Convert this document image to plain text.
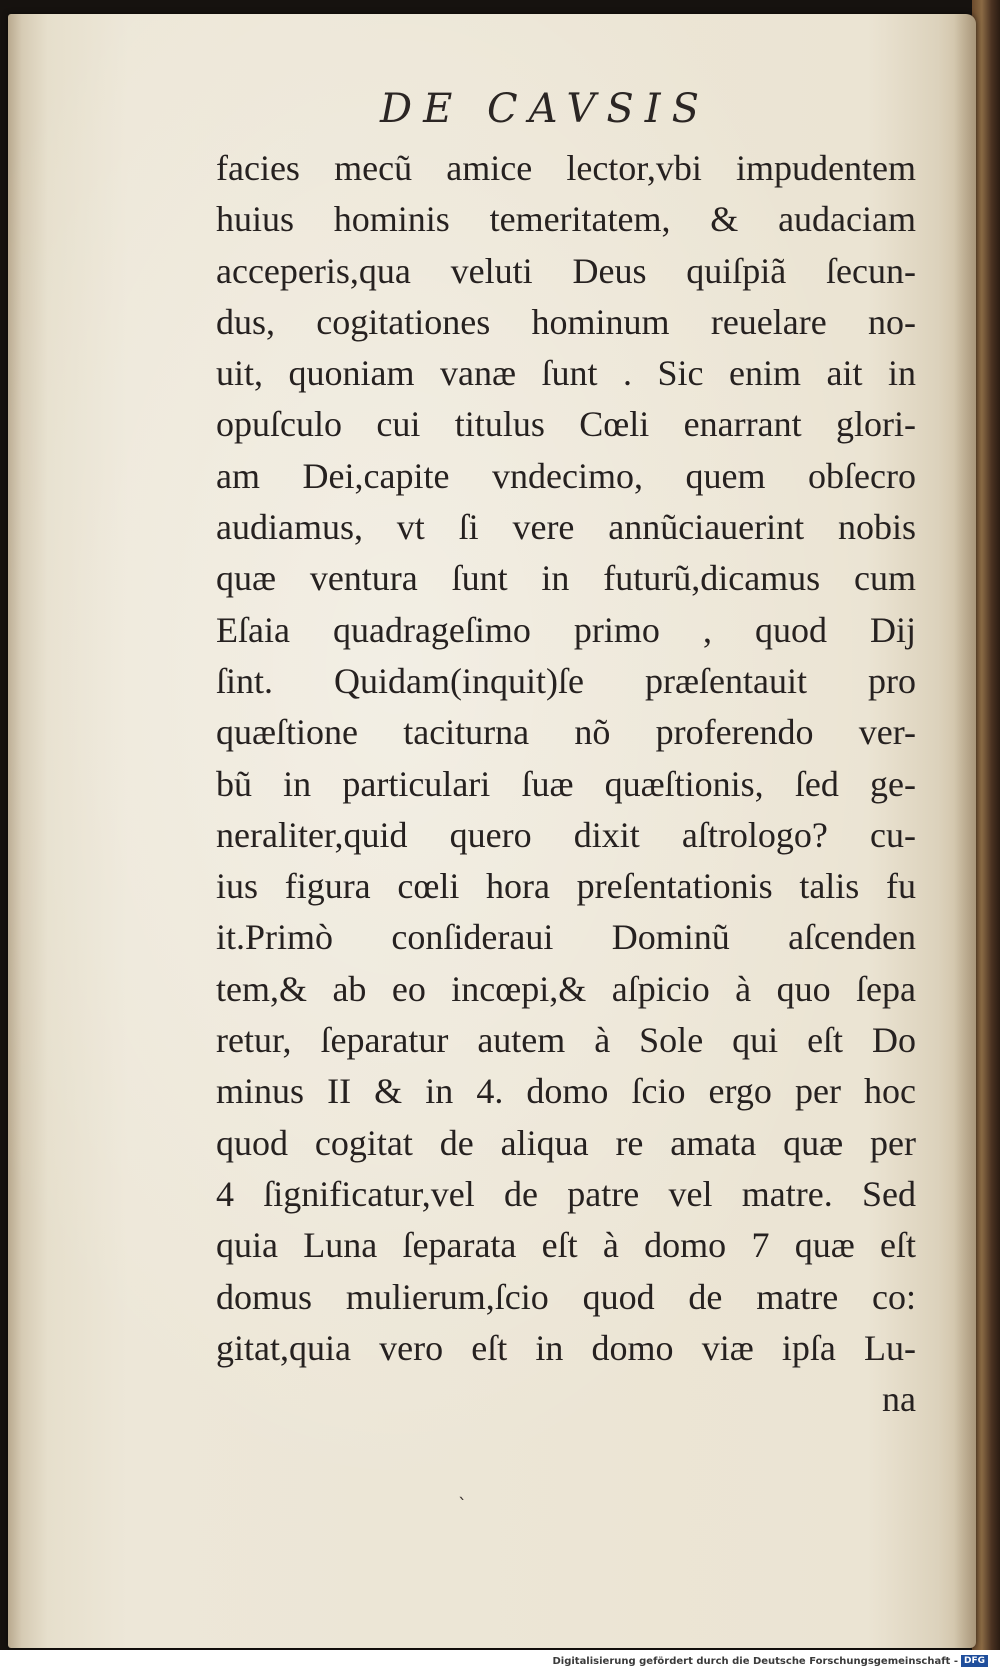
DE CAVSIS
facies mecũ amice lector,vbi impudentem
huius hominis temeritatem, & audaciam
acceperis,qua veluti Deus quiſpiã ſecun-
dus, cogitationes hominum reuelare no-
uit, quoniam vanæ ſunt . Sic enim ait in
opuſculo cui titulus Cœli enarrant glori-
am Dei,capite vndecimo, quem obſecro
audiamus, vt ſi vere annũciauerint nobis
quæ ventura ſunt in futurũ,dicamus cum
Eſaia quadrageſimo primo , quod Dij
ſint. Quidam(inquit)ſe præſentauit pro
quæſtione taciturna nõ proferendo ver-
bũ in particulari ſuæ quæſtionis, ſed ge-
neraliter,quid quero dixit aſtrologo? cu-
ius figura cœli hora preſentationis talis fu
it.Primò conſideraui Dominũ aſcenden
tem,& ab eo incœpi,& aſpicio à quo ſepa
retur, ſeparatur autem à Sole qui eſt Do
minus II & in 4. domo ſcio ergo per hoc
quod cogitat de aliqua re amata quæ per
4 ſignificatur,vel de patre vel matre. Sed
quia Luna ſeparata eſt à domo 7 quæ eſt
domus mulierum,ſcio quod de matre co:
gitat,quia vero eſt in domo viæ ipſa Lu-
na
ˎ
Digitalisierung gefördert durch die Deutsche Forschungsgemeinschaft - DFG
